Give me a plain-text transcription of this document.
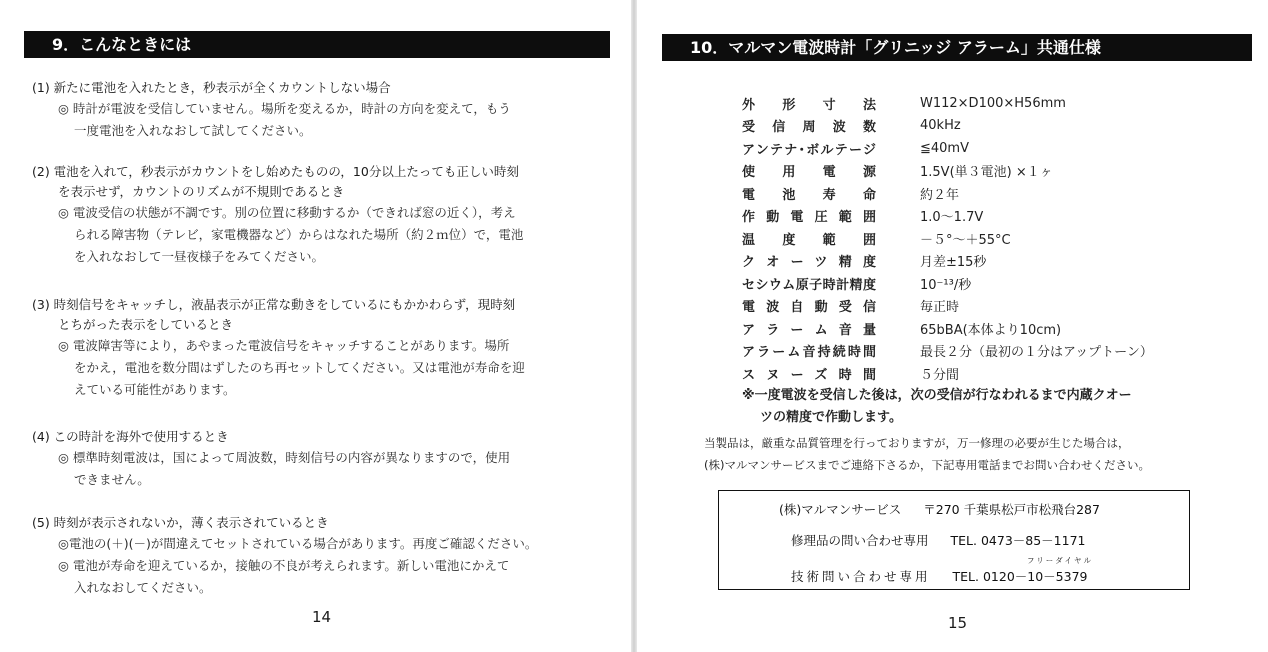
9．こんなときには
(1) 新たに電池を入れたとき，秒表示が全くカウントしない場合
◎ 時計が電波を受信していません。場所を変えるか，時計の方向を変えて，もう
一度電池を入れなおして試してください。
(2) 電池を入れて，秒表示がカウントをし始めたものの，10分以上たっても正しい時刻
を表示せず，カウントのリズムが不規則であるとき
◎ 電波受信の状態が不調です。別の位置に移動するか（できれば窓の近く），考え
られる障害物（テレビ，家電機器など）からはなれた場所（約２ｍ位）で，電池
を入れなおして一昼夜様子をみてください。
(3) 時刻信号をキャッチし，液晶表示が正常な動きをしているにもかかわらず，現時刻
とちがった表示をしているとき
◎ 電波障害等により，あやまった電波信号をキャッチすることがあります。場所
をかえ，電池を数分間はずしたのち再セットしてください。又は電池が寿命を迎
えている可能性があります。
(4) この時計を海外で使用するとき
◎ 標準時刻電波は，国によって周波数，時刻信号の内容が異なりますので，使用
できません。
(5) 時刻が表示されないか，薄く表示されているとき
◎電池の(＋)(－)が間違えてセットされている場合があります。再度ご確認ください。
◎ 電池が寿命を迎えているか，接触の不良が考えられます。新しい電池にかえて
入れなおしてください。
14
10．マルマン電波時計「グリニッジ アラーム」共通仕様
外形寸法	W112×D100×H56mm
受信周波数	40kHz
アンテナ･ボルテージ	≦40mV
使用電源	1.5V(単３電池) ×１ヶ
電池寿命	約２年
作動電圧範囲	1.0～1.7V
温度範囲	－５°～＋55°C
クオーツ精度	月差±15秒
セシウム原子時計精度	10⁻¹³/秒
電波自動受信	毎正時
アラーム音量	65bBA(本体より10cm)
アラーム音持続時間	最長２分（最初の１分はアップトーン）
スヌーズ時間	５分間
※一度電波を受信した後は，次の受信が行なわれるまで内蔵クオー
ツの精度で作動します。
当製品は，厳重な品質管理を行っておりますが，万一修理の必要が生じた場合は，
(株)マルマンサービスまでご連絡下さるか，下記専用電話までお問い合わせください。
(株)マルマンサービス 〒270 千葉県松戸市松飛台287
修理品の問い合わせ専用 TEL. 0473－85－1171
フリーダイヤル
技術問い合わせ専用 TEL. 0120－10－5379
15
